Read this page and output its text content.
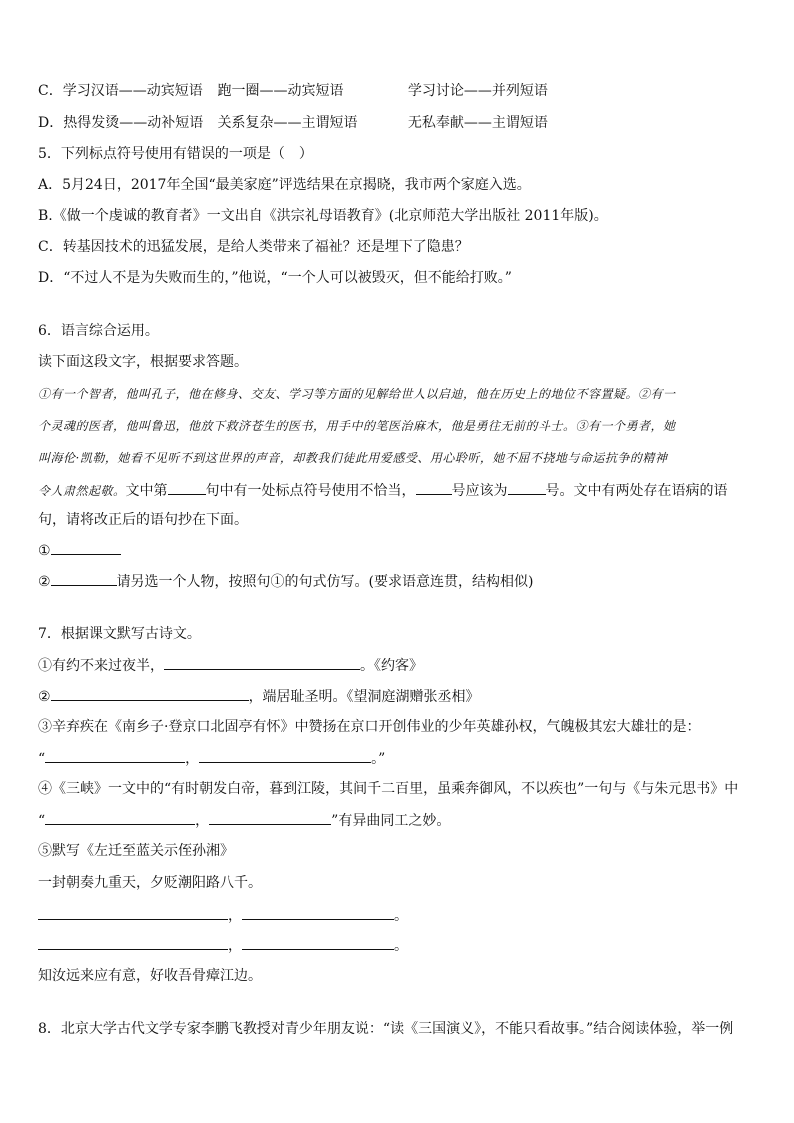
C．学习汉语——动宾短语 跑一圈——动宾短语	学习讨论——并列短语
D．热得发烫——动补短语 关系复杂——主谓短语	无私奉献——主谓短语
5．下列标点符号使用有错误的一项是（　）
A．5月24日，2017年全国“最美家庭”评选结果在京揭晓，我市两个家庭入选。
B.《做一个虔诚的教育者》一文出自《洪宗礼母语教育》(北京师范大学出版社 2011年版)。
C．转基因技术的迅猛发展，是给人类带来了福祉？还是埋下了隐患？
D．“不过人不是为失败而生的，”他说，“一个人可以被毁灭，但不能给打败。”
6．语言综合运用。
读下面这段文字，根据要求答题。
①有一个智者，他叫孔子，他在修身、交友、学习等方面的见解给世人以启迪，他在历史上的地位不容置疑。②有一
个灵魂的医者，他叫鲁迅，他放下救济苍生的医书，用手中的笔医治麻木，他是勇往无前的斗士。③有一个勇者，她
叫海伦·凯勒，她看不见听不到这世界的声音，却教我们徒此用爱感受、用心聆听，她不屈不挠地与命运抗争的精神
令人肃然起敬。文中第	句中有一处标点符号使用不恰当，	号应该为	号。文中有两处存在语病的语
句，请将改正后的语句抄在下面。
①
②	请另选一个人物，按照句①的句式仿写。(要求语意连贯，结构相似)
7．根据课文默写古诗文。
①有约不来过夜半，	。《约客》
②	，端居耻圣明。《望洞庭湖赠张丞相》
③辛弃疾在《南乡子·登京口北固亭有怀》中赞扬在京口开创伟业的少年英雄孙权，气魄极其宏大雄壮的是：
“	，	。”
④《三峡》一文中的“有时朝发白帝，暮到江陵，其间千二百里，虽乘奔御风，不以疾也”一句与《与朱元思书》中
“	，	”有异曲同工之妙。
⑤默写《左迁至蓝关示侄孙湘》
一封朝奏九重天，夕贬潮阳路八千。
，	。
，	。
知汝远来应有意，好收吾骨瘴江边。
8．北京大学古代文学专家李鹏飞教授对青少年朋友说：“读《三国演义》，不能只看故事。”结合阅读体验，举一例
